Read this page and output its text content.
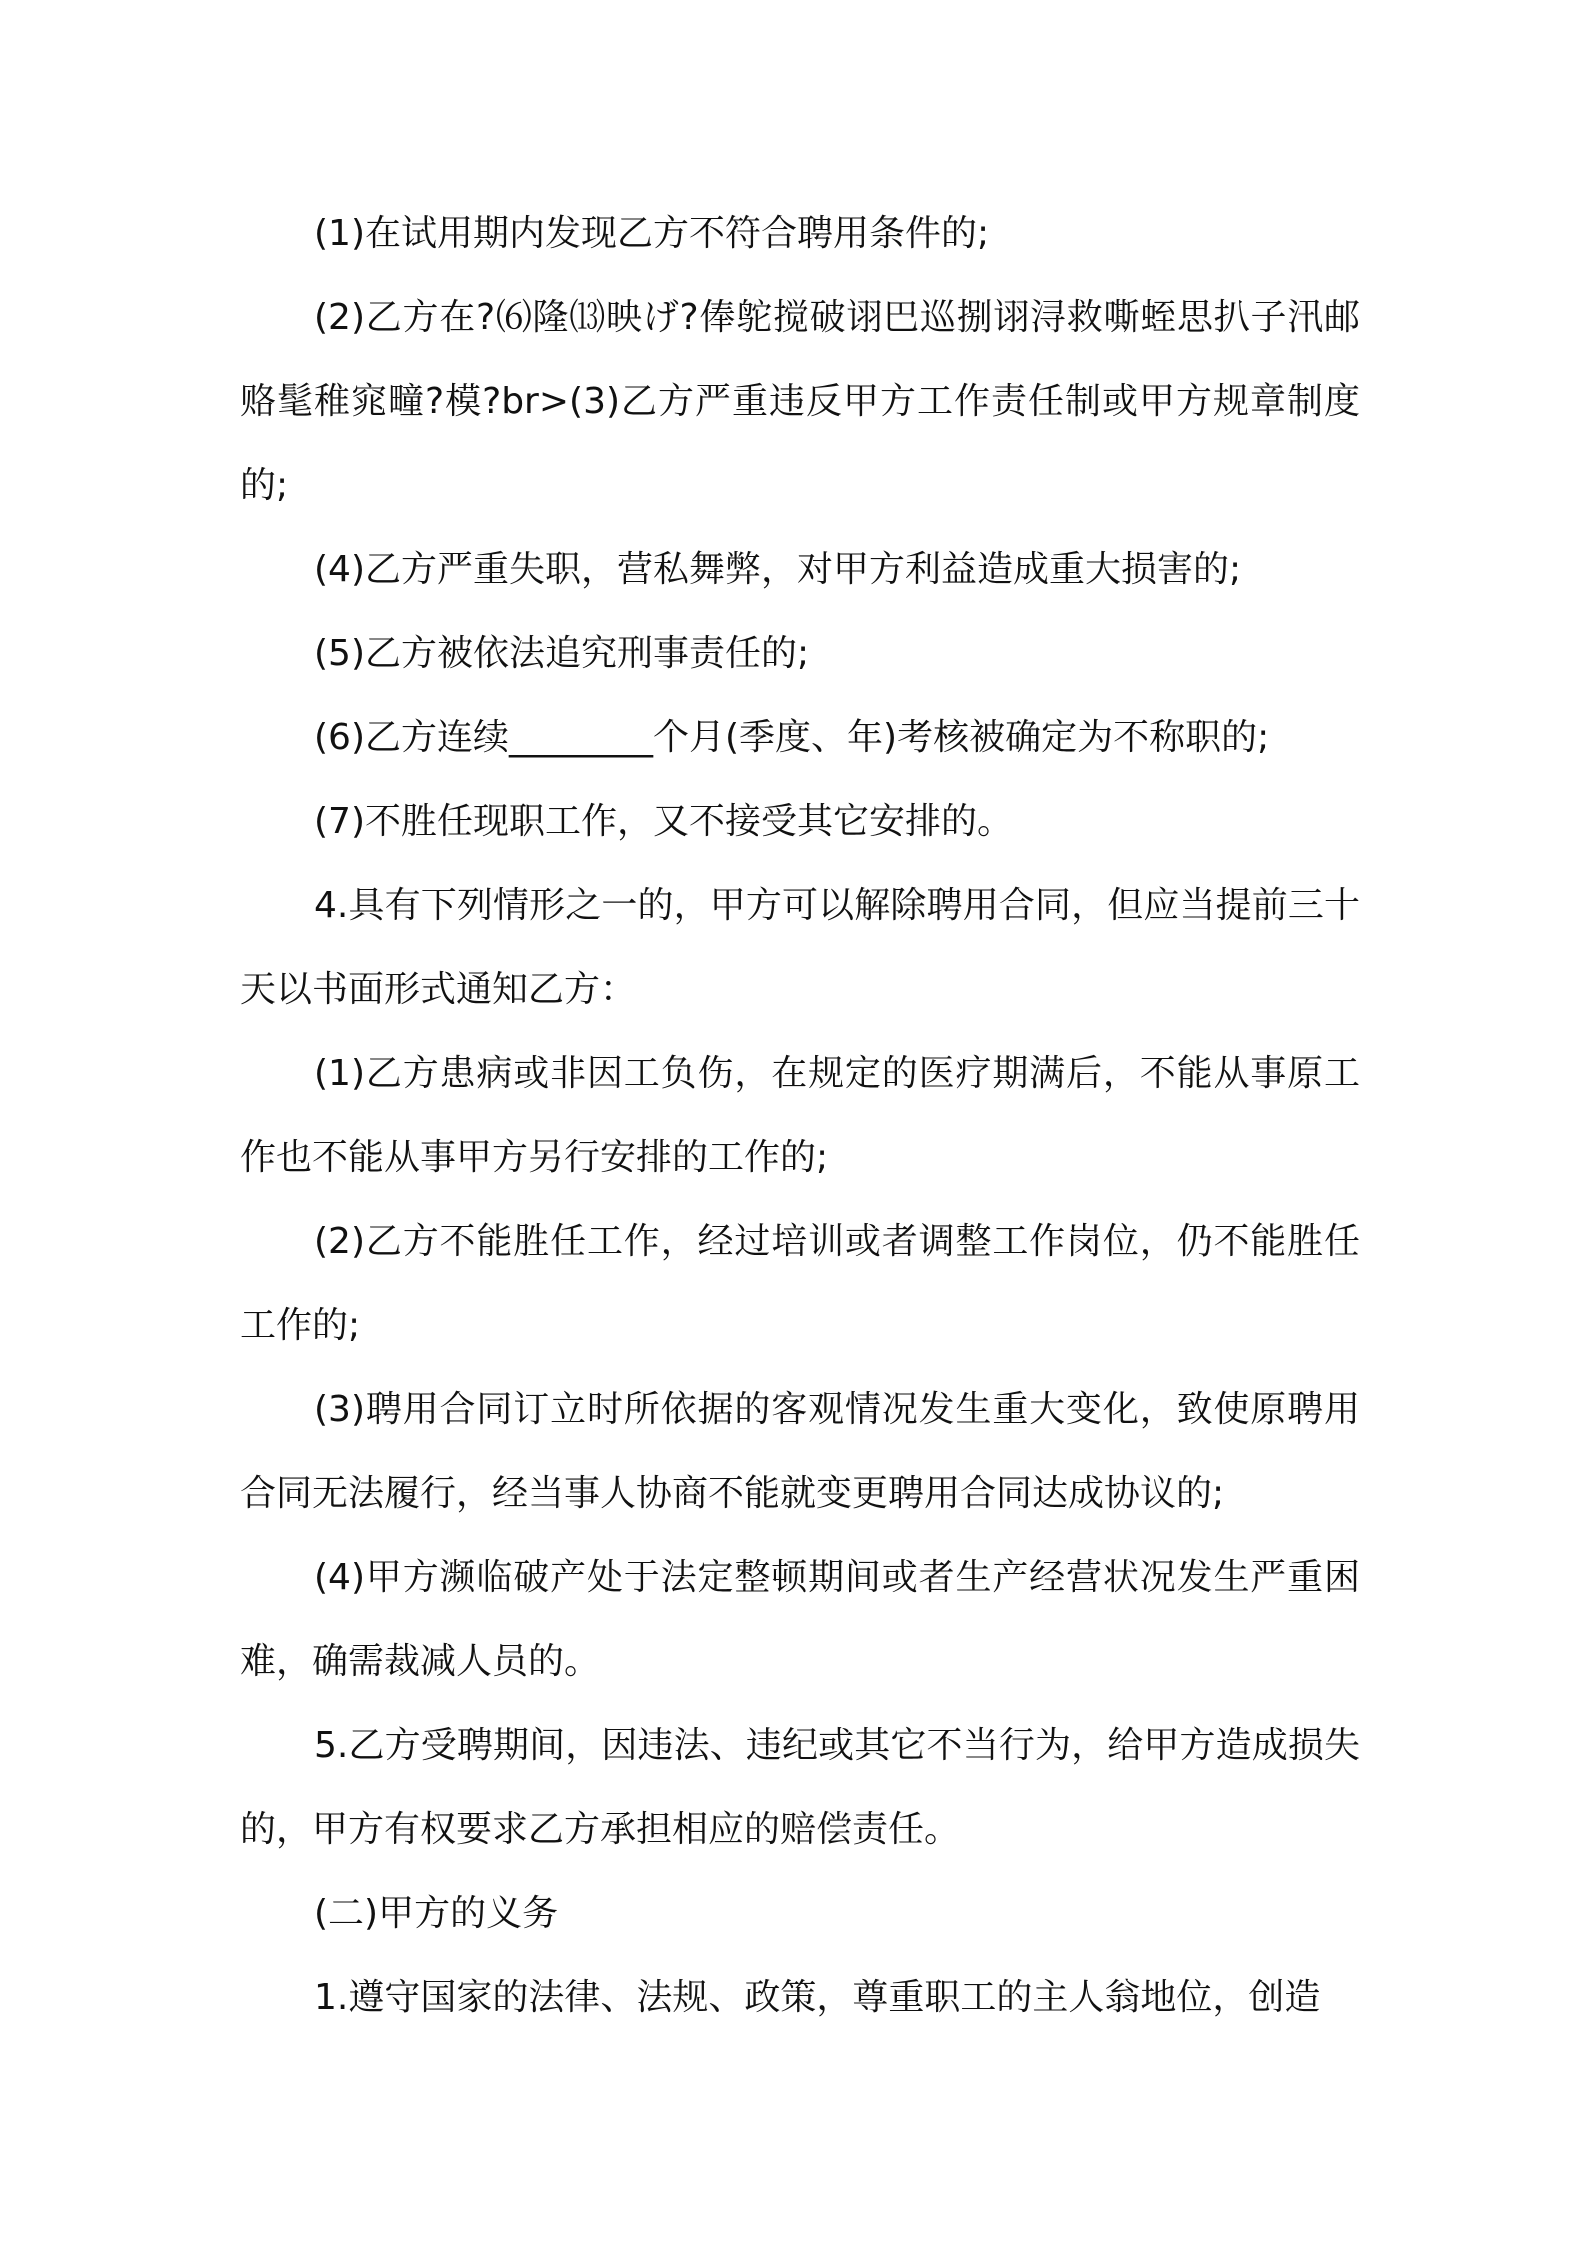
(1)在试用期内发现乙方不符合聘用条件的;

(2)乙方在?⑹隆⒀映げ?俸鸵搅破诩巴巡捌诩浔救嘶蛭思扒子汛邮赂髦稚窕疃?模?br>(3)乙方严重违反甲方工作责任制或甲方规章制度的;

(4)乙方严重失职，营私舞弊，对甲方利益造成重大损害的;

(5)乙方被依法追究刑事责任的;

(6)乙方连续________个月(季度、年)考核被确定为不称职的;

(7)不胜任现职工作，又不接受其它安排的。

4.具有下列情形之一的，甲方可以解除聘用合同，但应当提前三十天以书面形式通知乙方：

(1)乙方患病或非因工负伤，在规定的医疗期满后，不能从事原工作也不能从事甲方另行安排的工作的;

(2)乙方不能胜任工作，经过培训或者调整工作岗位，仍不能胜任工作的;

(3)聘用合同订立时所依据的客观情况发生重大变化，致使原聘用合同无法履行，经当事人协商不能就变更聘用合同达成协议的;

(4)甲方濒临破产处于法定整顿期间或者生产经营状况发生严重困难，确需裁减人员的。

5.乙方受聘期间，因违法、违纪或其它不当行为，给甲方造成损失的，甲方有权要求乙方承担相应的赔偿责任。

(二)甲方的义务

1.遵守国家的法律、法规、政策，尊重职工的主人翁地位，创造
